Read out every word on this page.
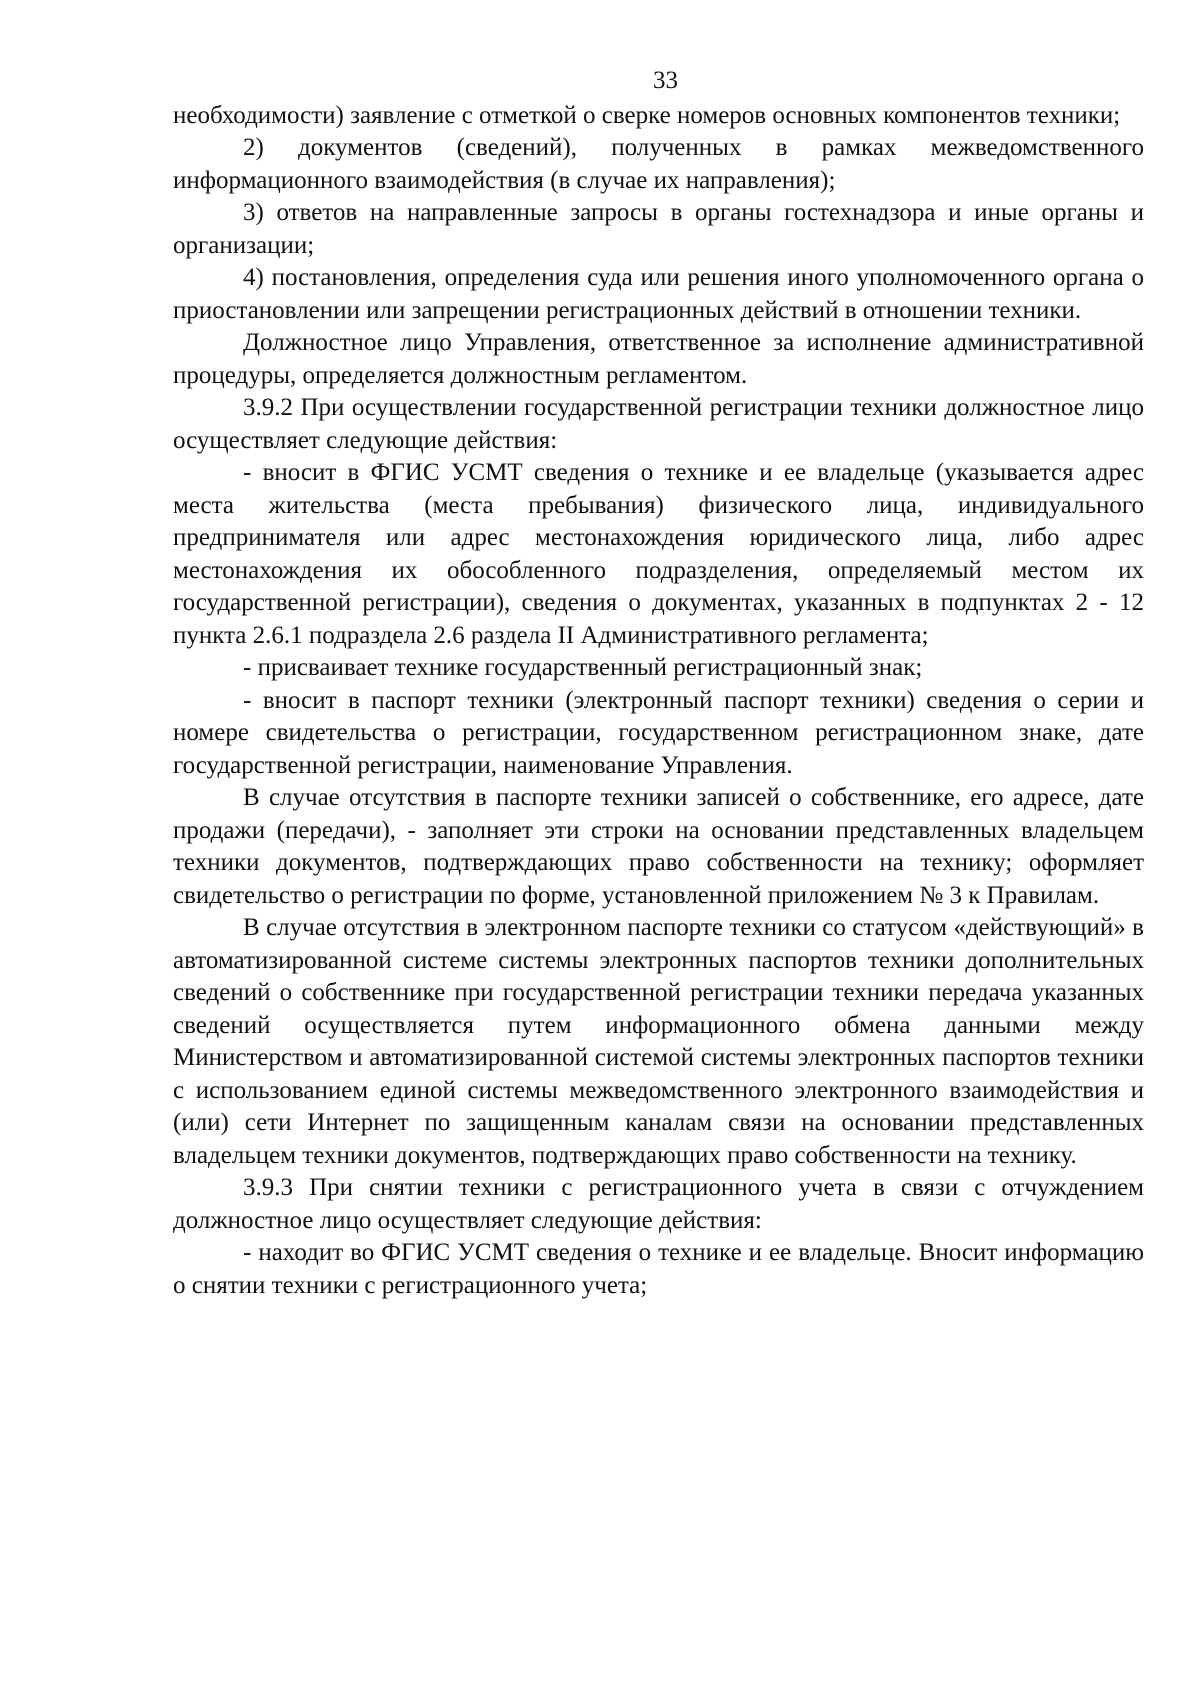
33

необходимости) заявление с отметкой о сверке номеров основных компонентов техники;

2) документов (сведений), полученных в рамках межведомственного информационного взаимодействия (в случае их направления);

3) ответов на направленные запросы в органы гостехнадзора и иные органы и организации;

4) постановления, определения суда или решения иного уполномоченного органа о приостановлении или запрещении регистрационных действий в отношении техники.

Должностное лицо Управления, ответственное за исполнение административной процедуры, определяется должностным регламентом.

3.9.2 При осуществлении государственной регистрации техники должностное лицо осуществляет следующие действия:

- вносит в ФГИС УСМТ сведения о технике и ее владельце (указывается адрес места жительства (места пребывания) физического лица, индивидуального предпринимателя или адрес местонахождения юридического лица, либо адрес местонахождения их обособленного подразделения, определяемый местом их государственной регистрации), сведения о документах, указанных в подпунктах 2 - 12 пункта 2.6.1 подраздела 2.6 раздела II Административного регламента;

- присваивает технике государственный регистрационный знак;

- вносит в паспорт техники (электронный паспорт техники) сведения о серии и номере свидетельства о регистрации, государственном регистрационном знаке, дате государственной регистрации, наименование Управления.

В случае отсутствия в паспорте техники записей о собственнике, его адресе, дате продажи (передачи), - заполняет эти строки на основании представленных владельцем техники документов, подтверждающих право собственности на технику; оформляет свидетельство о регистрации по форме, установленной приложением № 3 к Правилам.

В случае отсутствия в электронном паспорте техники со статусом «действующий» в автоматизированной системе системы электронных паспортов техники дополнительных сведений о собственнике при государственной регистрации техники передача указанных сведений осуществляется путем информационного обмена данными между Министерством и автоматизированной системой системы электронных паспортов техники с использованием единой системы межведомственного электронного взаимодействия и (или) сети Интернет по защищенным каналам связи на основании представленных владельцем техники документов, подтверждающих право собственности на технику.

3.9.3 При снятии техники с регистрационного учета в связи с отчуждением должностное лицо осуществляет следующие действия:

- находит во ФГИС УСМТ сведения о технике и ее владельце. Вносит информацию о снятии техники с регистрационного учета;
